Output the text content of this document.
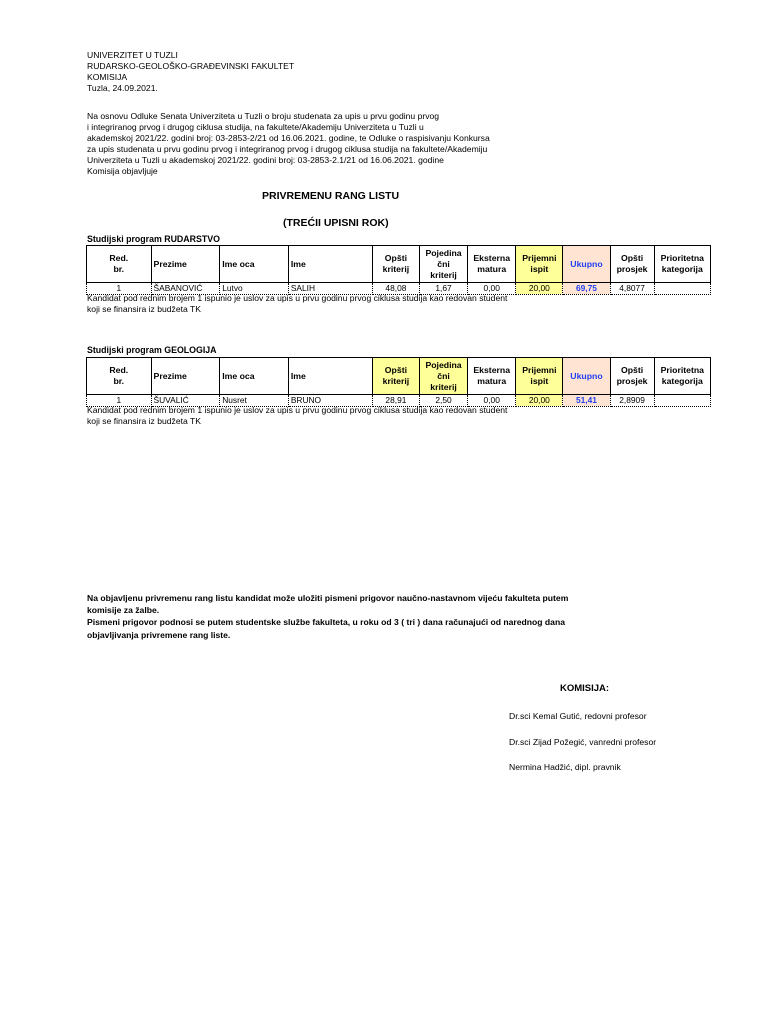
UNIVERZITET U TUZLI
RUDARSKO-GEOLOŠKO-GRAĐEVINSKI FAKULTET
KOMISIJA
Tuzla, 24.09.2021.
Na osnovu Odluke Senata Univerziteta u Tuzli o broju studenata za upis u prvu godinu prvog
i integriranog prvog i drugog ciklusa studija, na fakultete/Akademiju Univerziteta u Tuzli u
akademskoj 2021/22. godini broj: 03-2853-2/21 od 16.06.2021. godine, te Odluke o raspisivanju Konkursa
za upis studenata u prvu godinu prvog i integriranog prvog i drugog ciklusa studija na fakultete/Akademiju
Univerziteta u Tuzli u akademskoj 2021/22. godini broj: 03-2853-2.1/21 od 16.06.2021. godine
Komisija objavljuje
PRIVREMENU RANG LISTU
(TREĆII UPISNI ROK)
Studijski program RUDARSTVO
Red.
br.	Prezime	Ime oca	Ime	Opšti
kriterij	Pojedina
čni
kriterij	Eksterna
matura	Prijemni
ispit	Ukupno	Opšti
prosjek	Prioritetna
kategorija
1	ŠABANOVIĆ	Lutvo	SALIH	48,08	1,67	0,00	20,00	69,75	4,8077	
Kandidat pod rednim brojem 1 ispunio je uslov za upis u prvu godinu prvog ciklusa studija kao redovan student
koji se finansira iz budžeta TK
Studijski program GEOLOGIJA
Red.
br.	Prezime	Ime oca	Ime	Opšti
kriterij	Pojedina
čni
kriterij	Eksterna
matura	Prijemni
ispit	Ukupno	Opšti
prosjek	Prioritetna
kategorija
1	ŠUVALIĆ	Nusret	BRUNO	28,91	2,50	0,00	20,00	51,41	2,8909	
Kandidat pod rednim brojem 1 ispunio je uslov za upis u prvu godinu prvog ciklusa studija kao redovan student
koji se finansira iz budžeta TK
Na objavljenu privremenu rang listu kandidat može uložiti pismeni prigovor naučno-nastavnom vijeću fakulteta putem
komisije za žalbe.
Pismeni prigovor podnosi se putem studentske službe fakulteta, u roku od 3 ( tri ) dana računajući od narednog dana
objavljivanja privremene rang liste.
KOMISIJA:
Dr.sci Kemal Gutić, redovni profesor
Dr.sci Zijad Požegić, vanredni profesor
Nermina Hadžić, dipl. pravnik
